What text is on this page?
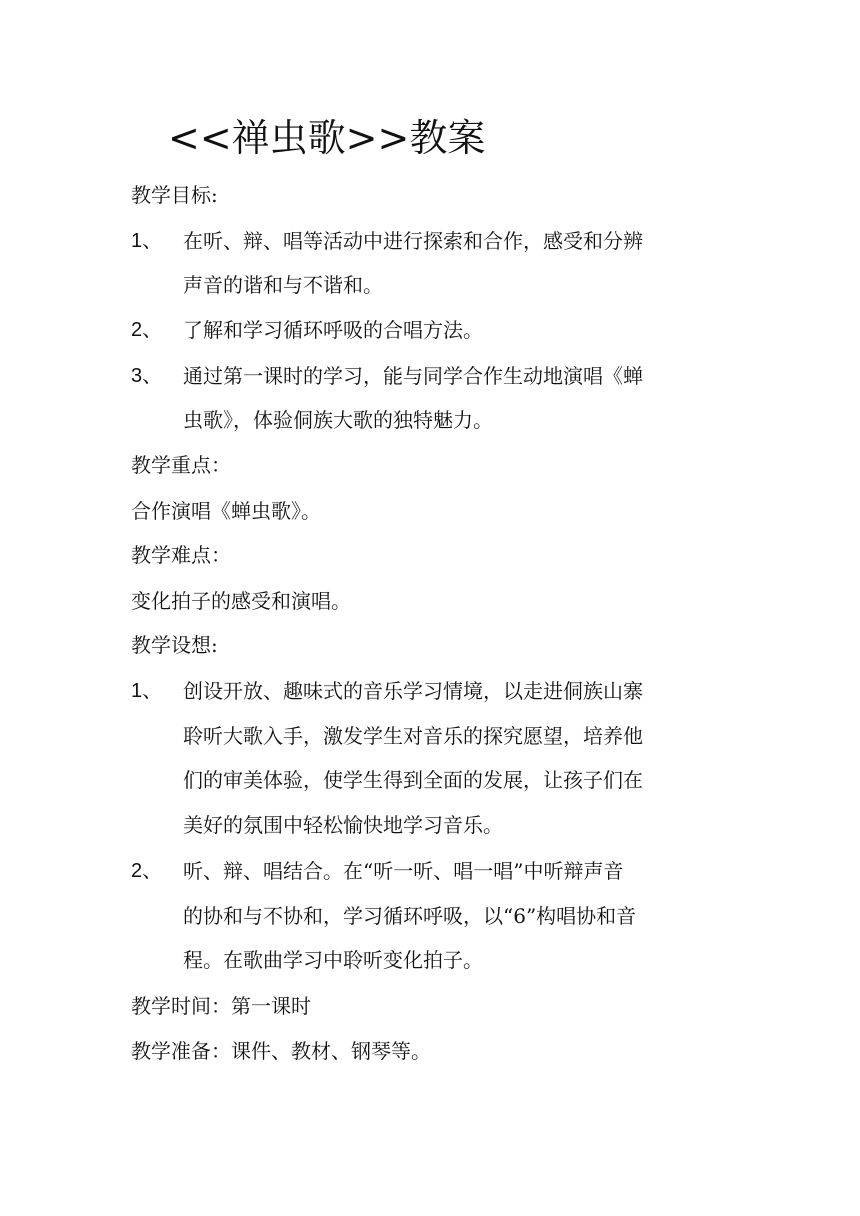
<<禅虫歌>>教案
教学目标:
1、 在听、辩、唱等活动中进行探索和合作，感受和分辨
声音的谐和与不谐和。
2、 了解和学习循环呼吸的合唱方法。
3、 通过第一课时的学习，能与同学合作生动地演唱《蝉
虫歌》，体验侗族大歌的独特魅力。
教学重点：
合作演唱《蝉虫歌》。
教学难点：
变化拍子的感受和演唱。
教学设想:
1、 创设开放、趣味式的音乐学习情境，以走进侗族山寨
聆听大歌入手，激发学生对音乐的探究愿望，培养他
们的审美体验，使学生得到全面的发展，让孩子们在
美好的氛围中轻松愉快地学习音乐。
2、 听、辩、唱结合。在“听一听、唱一唱”中听辩声音
的协和与不协和，学习循环呼吸，以“6”构唱协和音
程。在歌曲学习中聆听变化拍子。
教学时间：第一课时
教学准备：课件、教材、钢琴等。
